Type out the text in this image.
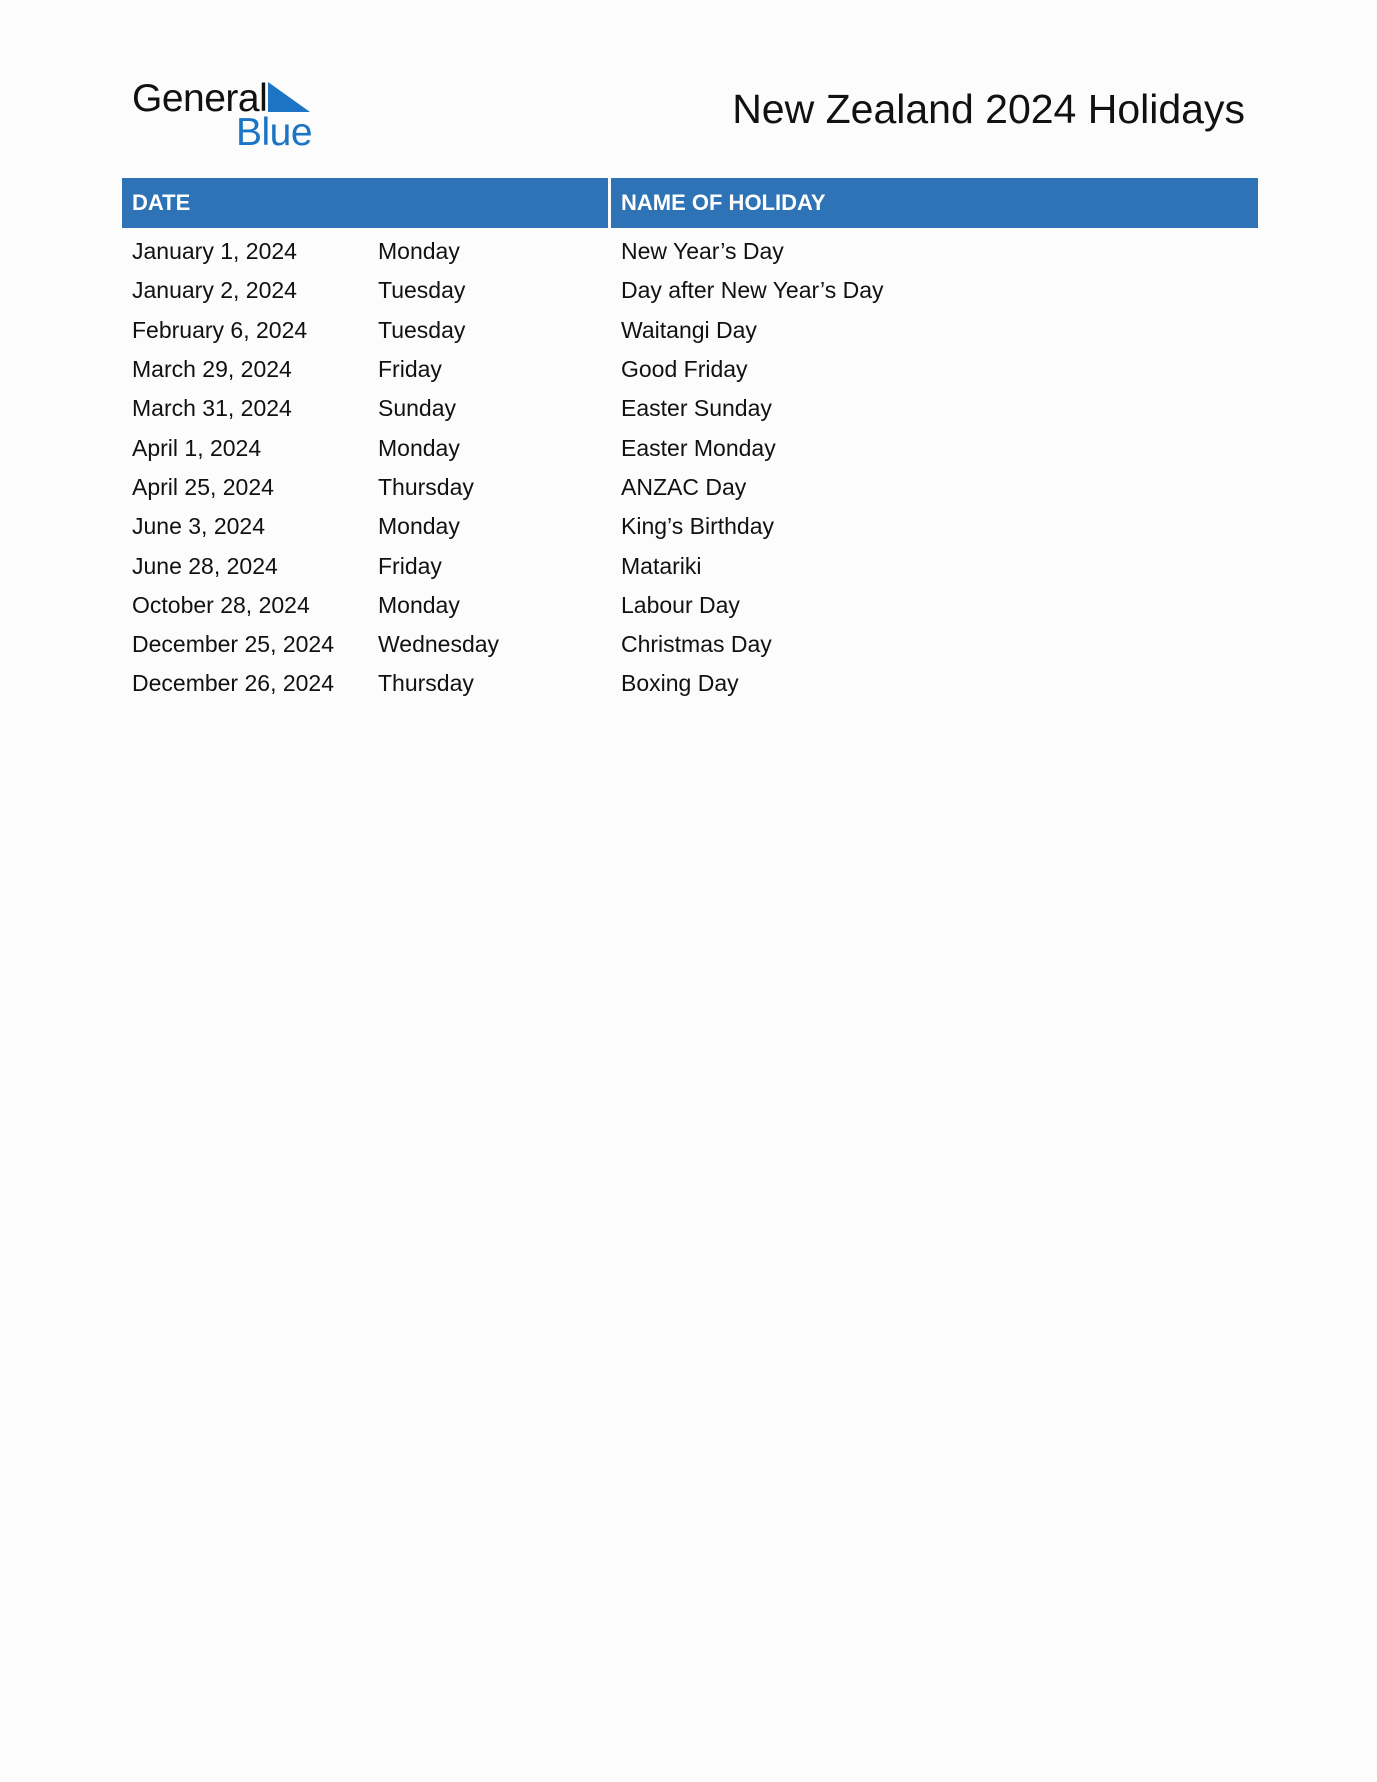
General
Blue
New Zealand 2024 Holidays
DATE	NAME OF HOLIDAY
January 1, 2024	Monday	New Year’s Day
January 2, 2024	Tuesday	Day after New Year’s Day
February 6, 2024	Tuesday	Waitangi Day
March 29, 2024	Friday	Good Friday
March 31, 2024	Sunday	Easter Sunday
April 1, 2024	Monday	Easter Monday
April 25, 2024	Thursday	ANZAC Day
June 3, 2024	Monday	King’s Birthday
June 28, 2024	Friday	Matariki
October 28, 2024	Monday	Labour Day
December 25, 2024	Wednesday	Christmas Day
December 26, 2024	Thursday	Boxing Day
